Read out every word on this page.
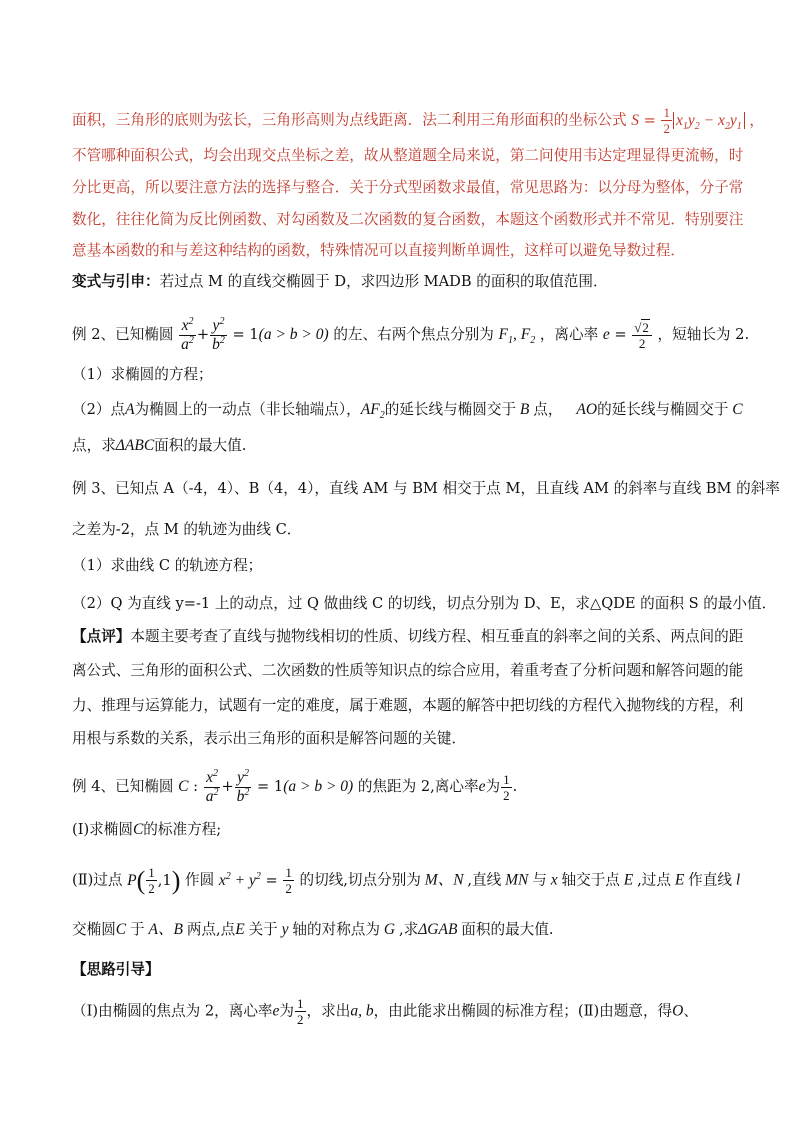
面积，三角形的底则为弦长，三角形高则为点线距离．法二利用三角形面积的坐标公式 $S = \frac{1}{2} x_1y_2 - x_2y_1$ ，
不管哪种面积公式，均会出现交点坐标之差，故从整道题全局来说，第二问使用韦达定理显得更流畅，时
分比更高，所以要注意方法的选择与整合．关于分式型函数求最值，常见思路为：以分母为整体，分子常
数化，往往化简为反比例函数、对勾函数及二次函数的复合函数，本题这个函数形式并不常见．特别要注
意基本函数的和与差这种结构的函数，特殊情况可以直接判断单调性，这样可以避免导数过程．
变式与引申：若过点 M 的直线交椭圆于 D，求四边形 MADB 的面积的取值范围．
例 2、已知椭圆 $\frac{x^2}{a^2} + \frac{y^2}{b^2} = 1(a > b > 0)$ 的左、右两个焦点分别为 $F_1$, $F_2$ ，离心率 $e = \frac{√2}{2}$ ，短轴长为 2.
（1）求椭圆的方程；
（2）点A为椭圆上的一动点（非长轴端点），$AF_2$的延长线与椭圆交于 B 点， AO的延长线与椭圆交于 C
点，求ΔABC面积的最大值.
例 3、已知点 A（-4，4）、B（4，4），直线 AM 与 BM 相交于点 M，且直线 AM 的斜率与直线 BM 的斜率
之差为-2，点 M 的轨迹为曲线 C．
（1）求曲线 C 的轨迹方程；
（2）Q 为直线 y=-1 上的动点，过 Q 做曲线 C 的切线，切点分别为 D、E，求△QDE 的面积 S 的最小值．
【点评】本题主要考查了直线与抛物线相切的性质、切线方程、相互垂直的斜率之间的关系、两点间的距
离公式、三角形的面积公式、二次函数的性质等知识点的综合应用，着重考查了分析问题和解答问题的能
力、推理与运算能力，试题有一定的难度，属于难题，本题的解答中把切线的方程代入抛物线的方程，利
用根与系数的关系，表示出三角形的面积是解答问题的关键．
例 4、已知椭圆 C : $\frac{x^2}{a^2} + \frac{y^2}{b^2} = 1(a > b > 0)$ 的焦距为 2,离心率e为 $\frac{1}{2}$ .
(Ⅰ)求椭圆C的标准方程;
(Ⅱ)过点 $P( \frac{1}{2} ,1)$ 作圆 $x^2 + y^2 = \frac{1}{2}$ 的切线,切点分别为 M、N ,直线 MN 与 x 轴交于点 E ,过点 E 作直线 l
交椭圆C 于 A、B 两点,点E 关于 y 轴的对称点为 G ,求ΔGAB 面积的最大值.
【思路引导】
（Ⅰ)由椭圆的焦点为 2，离心率e为 $\frac{1}{2}$ ，求出a, b，由此能求出椭圆的标准方程；(Ⅱ)由题意，得O、
